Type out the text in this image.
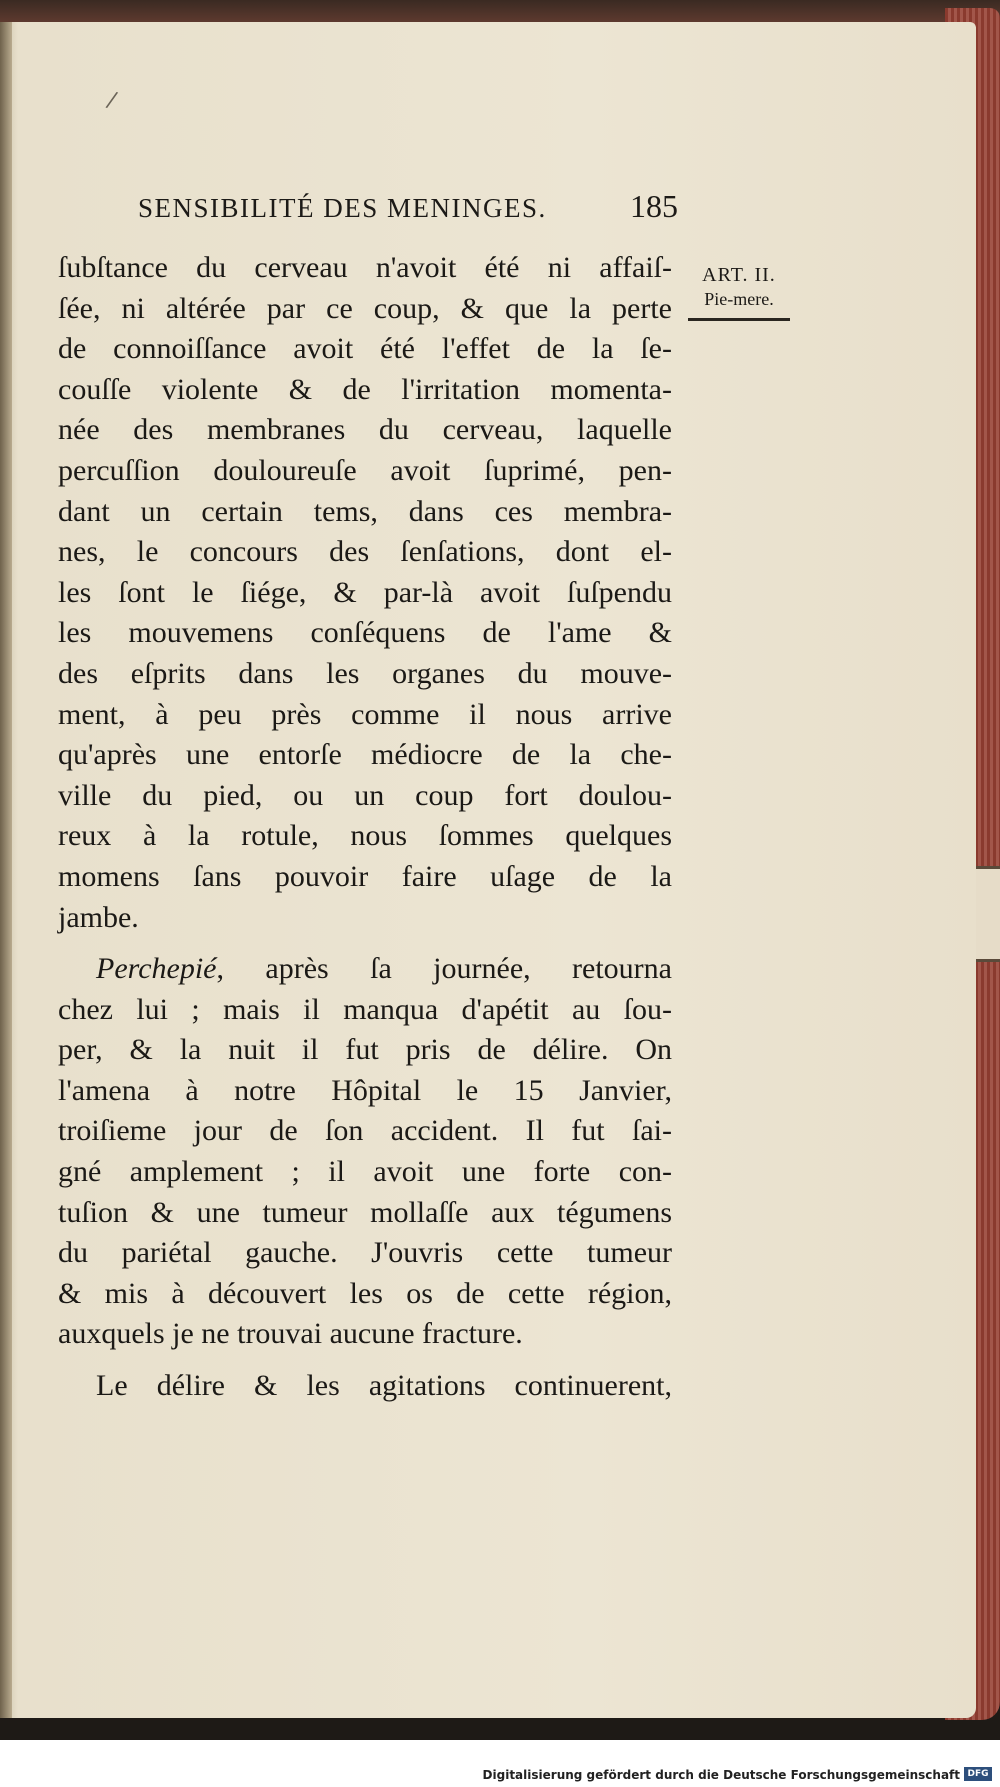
/
SENSIBILITÉ DES MENINGES.	185
ART. II.
Pie-mere.
ſubſtance du cerveau n'avoit été ni affaiſ-
ſée, ni altérée par ce coup, & que la perte
de connoiſſance avoit été l'effet de la ſe-
couſſe violente & de l'irritation momenta-
née des membranes du cerveau, laquelle
percuſſion douloureuſe avoit ſuprimé, pen-
dant un certain tems, dans ces membra-
nes, le concours des ſenſations, dont el-
les ſont le ſiége, & par-là avoit ſuſpendu
les mouvemens conſéquens de l'ame &
des eſprits dans les organes du mouve-
ment, à peu près comme il nous arrive
qu'après une entorſe médiocre de la che-
ville du pied, ou un coup fort doulou-
reux à la rotule, nous ſommes quelques
momens ſans pouvoir faire uſage de la
jambe.
Perchepié, après ſa journée, retourna
chez lui ; mais il manqua d'apétit au ſou-
per, & la nuit il fut pris de délire. On
l'amena à notre Hôpital le 15 Janvier,
troiſieme jour de ſon accident. Il fut ſai-
gné amplement ; il avoit une forte con-
tuſion & une tumeur mollaſſe aux tégumens
du pariétal gauche. J'ouvris cette tumeur
& mis à découvert les os de cette région,
auxquels je ne trouvai aucune fracture.
Le délire & les agitations continuerent,
Digitalisierung gefördert durch die Deutsche Forschungsgemeinschaft DFG
